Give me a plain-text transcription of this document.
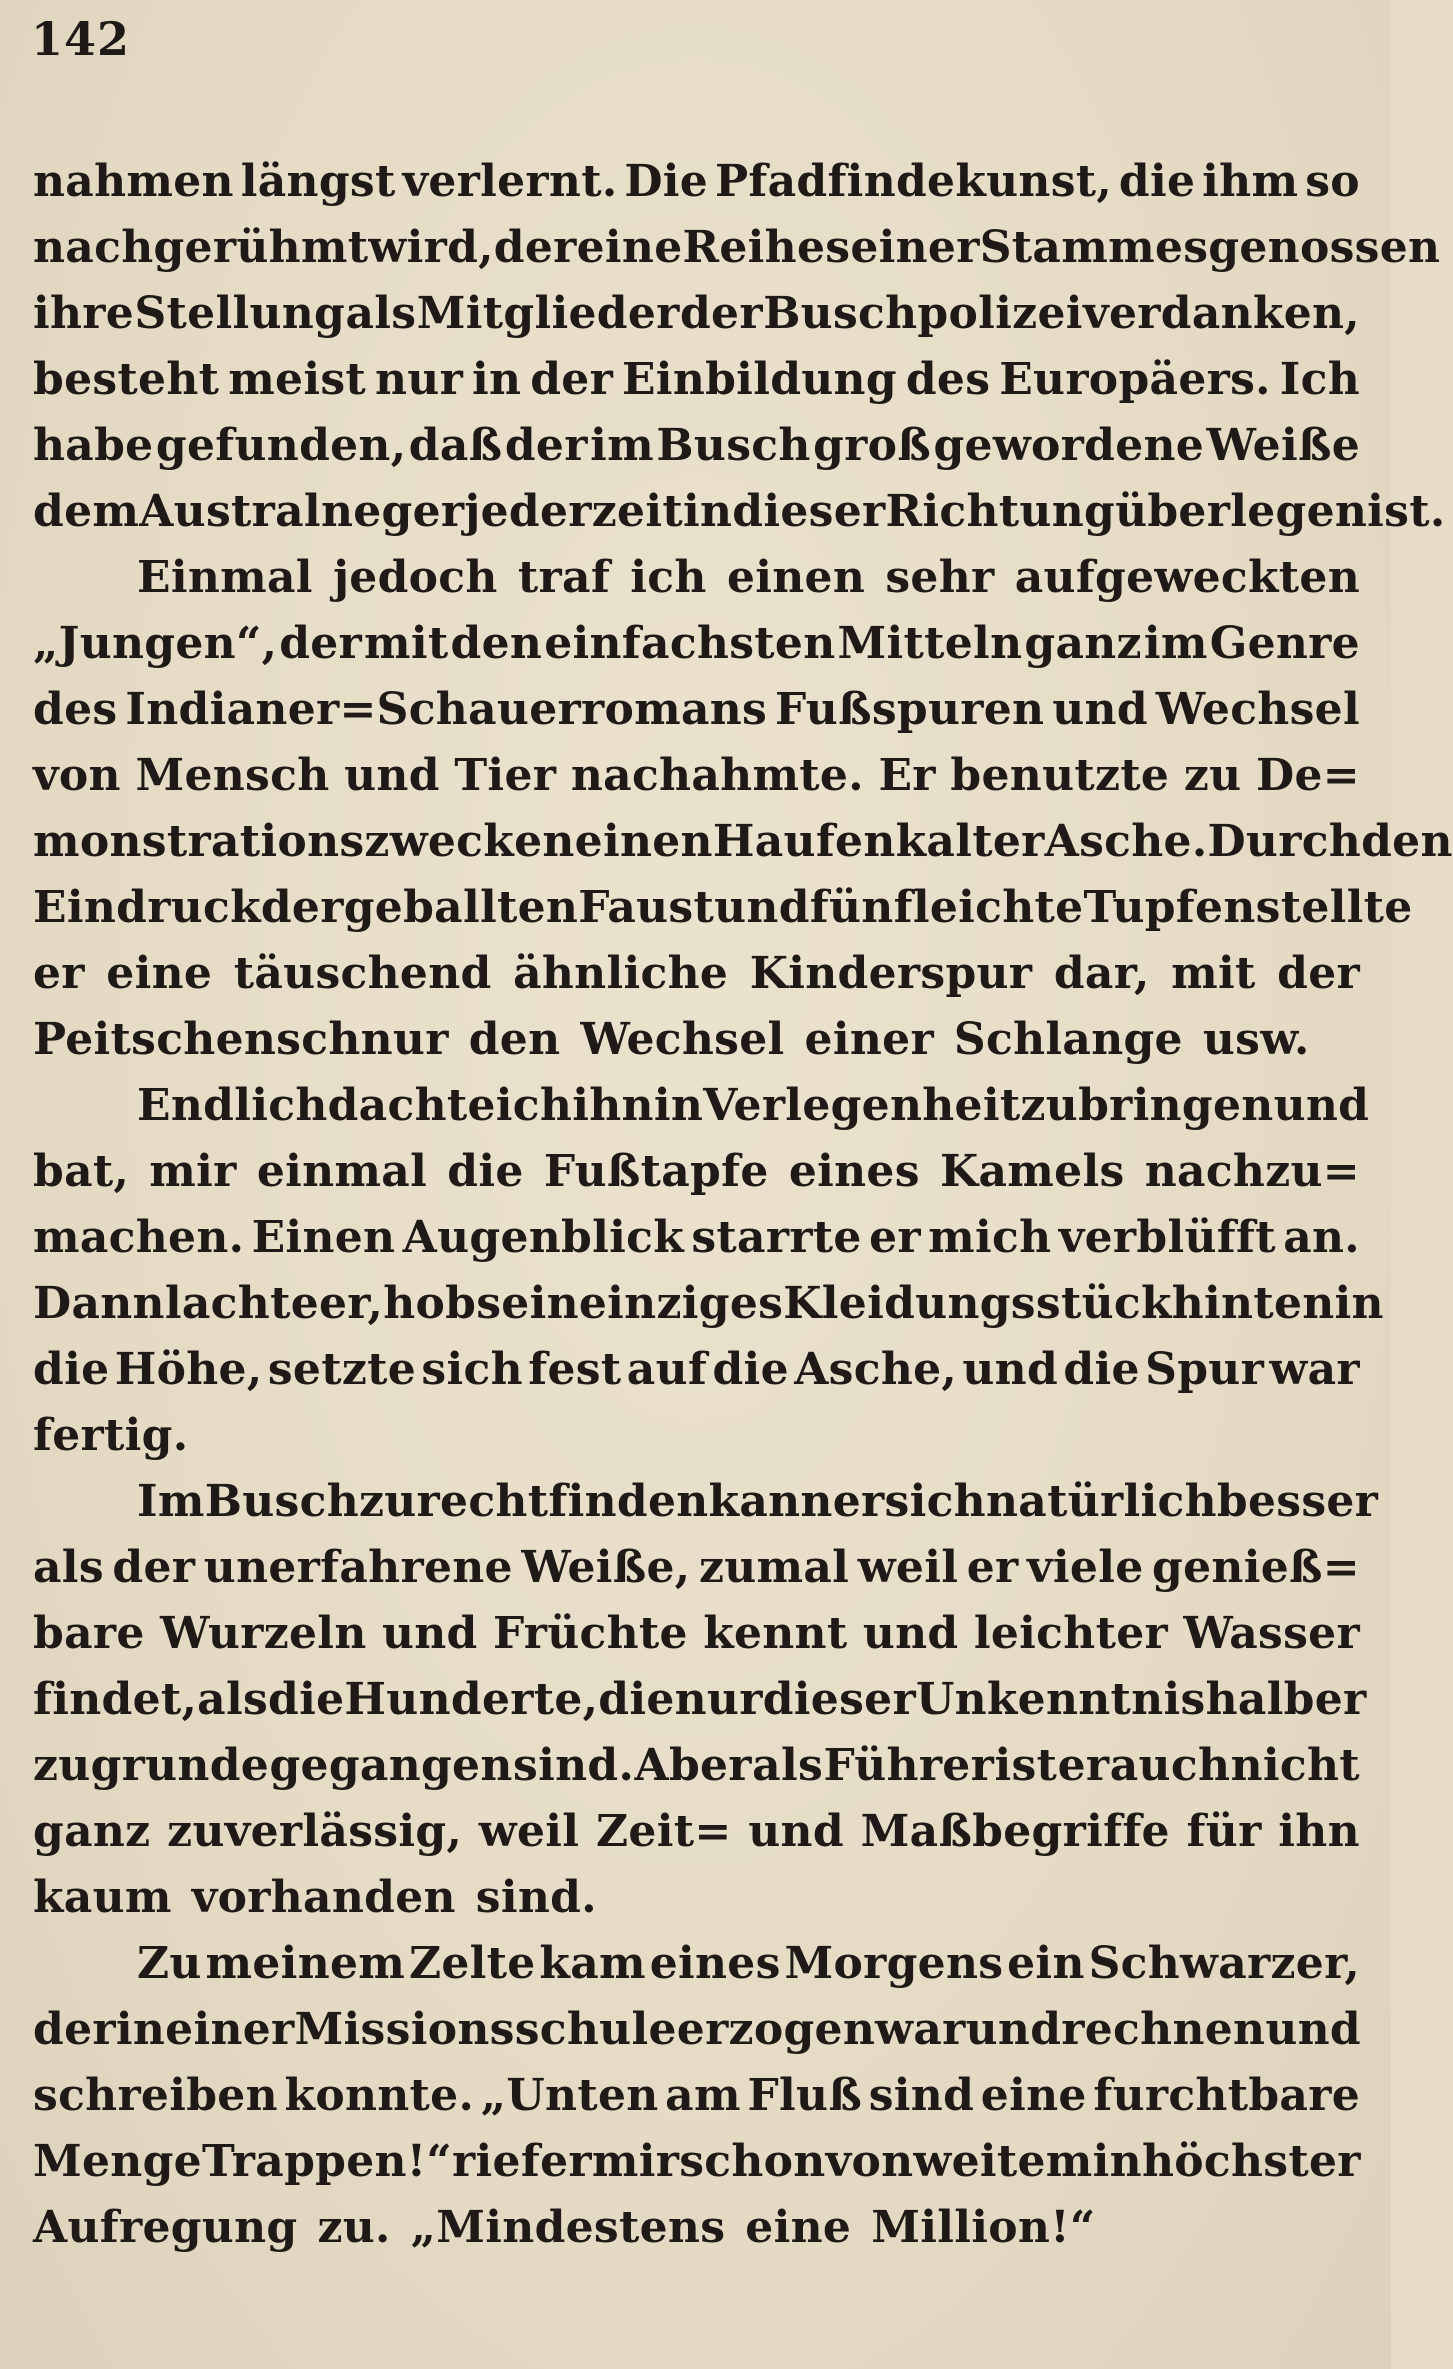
142
nahmen längst verlernt. Die Pfadfindekunst, die ihm so
nachgerühmt wird, der eine Reihe seiner Stammesgenossen
ihre Stellung als Mitglieder der Buschpolizei verdanken,
besteht meist nur in der Einbildung des Europäers. Ich
habe gefunden, daß der im Busch groß gewordene Weiße
dem Australneger jederzeit in dieser Richtung überlegen ist.
Einmal jedoch traf ich einen sehr aufgeweckten
„Jungen“, der mit den einfachsten Mitteln ganz im Genre
des Indianer=Schauerromans Fußspuren und Wechsel
von Mensch und Tier nachahmte. Er benutzte zu De=
monstrationszwecken einen Haufen kalter Asche. Durch den
Eindruck der geballten Faust und fünf leichte Tupfen stellte
er eine täuschend ähnliche Kinderspur dar, mit der
Peitschenschnur den Wechsel einer Schlange usw.
Endlich dachte ich ihn in Verlegenheit zu bringen und
bat, mir einmal die Fußtapfe eines Kamels nachzu=
machen. Einen Augenblick starrte er mich verblüfft an.
Dann lachte er, hob sein einziges Kleidungsstück hinten in
die Höhe, setzte sich fest auf die Asche, und die Spur war
fertig.
Im Busch zurechtfinden kann er sich natürlich besser
als der unerfahrene Weiße, zumal weil er viele genieß=
bare Wurzeln und Früchte kennt und leichter Wasser
findet, als die Hunderte, die nur dieser Unkenntnis halber
zugrunde gegangen sind. Aber als Führer ist er auch nicht
ganz zuverlässig, weil Zeit= und Maßbegriffe für ihn
kaum vorhanden sind.
Zu meinem Zelte kam eines Morgens ein Schwarzer,
der in einer Missionsschule erzogen war und rechnen und
schreiben konnte. „Unten am Fluß sind eine furchtbare
Menge Trappen!“ rief er mir schon von weitem in höchster
Aufregung zu. „Mindestens eine Million!“
